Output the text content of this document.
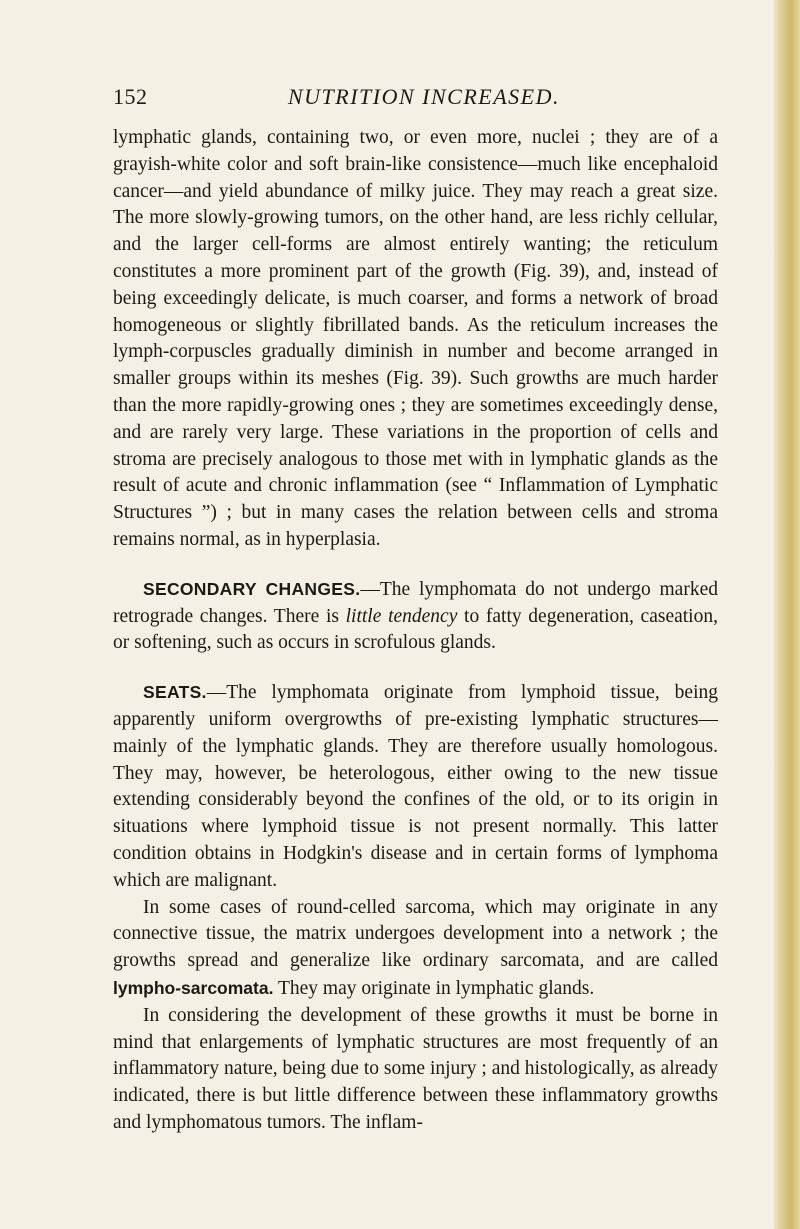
152	NUTRITION INCREASED.

lymphatic glands, containing two, or even more, nuclei ; they are of a grayish-white color and soft brain-like consistence—much like encephaloid cancer—and yield abundance of milky juice. They may reach a great size. The more slowly-growing tumors, on the other hand, are less richly cellular, and the larger cell-forms are almost entirely wanting; the reticulum constitutes a more prominent part of the growth (Fig. 39), and, instead of being exceedingly delicate, is much coarser, and forms a network of broad homogeneous or slightly fibrillated bands. As the reticulum increases the lymph-corpuscles gradually diminish in number and become arranged in smaller groups within its meshes (Fig. 39). Such growths are much harder than the more rapidly-growing ones ; they are sometimes exceedingly dense, and are rarely very large. These variations in the proportion of cells and stroma are precisely analogous to those met with in lymphatic glands as the result of acute and chronic inflammation (see “ Inflammation of Lymphatic Structures ”) ; but in many cases the relation between cells and stroma remains normal, as in hyperplasia.

SECONDARY CHANGES.—The lymphomata do not undergo marked retrograde changes. There is little tendency to fatty degeneration, caseation, or softening, such as occurs in scrofulous glands.

SEATS.—The lymphomata originate from lymphoid tissue, being apparently uniform overgrowths of pre-existing lymphatic structures—mainly of the lymphatic glands. They are therefore usually homologous. They may, however, be heterologous, either owing to the new tissue extending considerably beyond the confines of the old, or to its origin in situations where lymphoid tissue is not present normally. This latter condition obtains in Hodgkin's disease and in certain forms of lymphoma which are malignant.

In some cases of round-celled sarcoma, which may originate in any connective tissue, the matrix undergoes development into a network ; the growths spread and generalize like ordinary sarcomata, and are called lympho-sarcomata. They may originate in lymphatic glands.

In considering the development of these growths it must be borne in mind that enlargements of lymphatic structures are most frequently of an inflammatory nature, being due to some injury ; and histologically, as already indicated, there is but little difference between these inflammatory growths and lymphomatous tumors. The inflam-
